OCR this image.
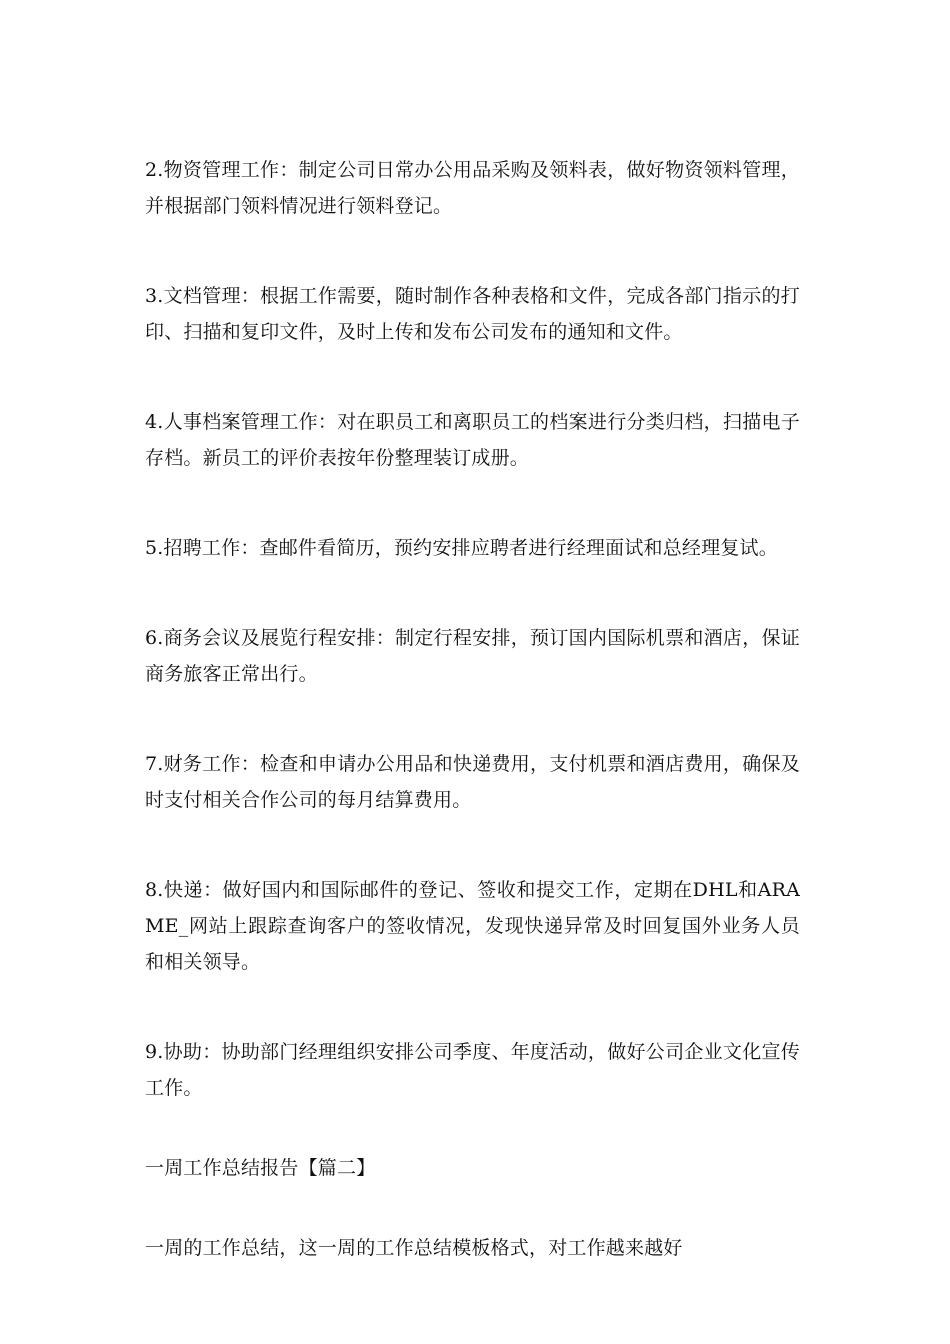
2.物资管理工作：制定公司日常办公用品采购及领料表，做好物资领料管理，并根据部门领料情况进行领料登记。

3.文档管理：根据工作需要，随时制作各种表格和文件，完成各部门指示的打印、扫描和复印文件，及时上传和发布公司发布的通知和文件。

4.人事档案管理工作：对在职员工和离职员工的档案进行分类归档，扫描电子存档。新员工的评价表按年份整理装订成册。

5.招聘工作：查邮件看简历，预约安排应聘者进行经理面试和总经理复试。

6.商务会议及展览行程安排：制定行程安排，预订国内国际机票和酒店，保证商务旅客正常出行。

7.财务工作：检查和申请办公用品和快递费用，支付机票和酒店费用，确保及时支付相关合作公司的每月结算费用。

8.快递：做好国内和国际邮件的登记、签收和提交工作，定期在DHL和ARAME_网站上跟踪查询客户的签收情况，发现快递异常及时回复国外业务人员和相关领导。

9.协助：协助部门经理组织安排公司季度、年度活动，做好公司企业文化宣传工作。

一周工作总结报告【篇二】

一周的工作总结，这一周的工作总结模板格式，对工作越来越好
